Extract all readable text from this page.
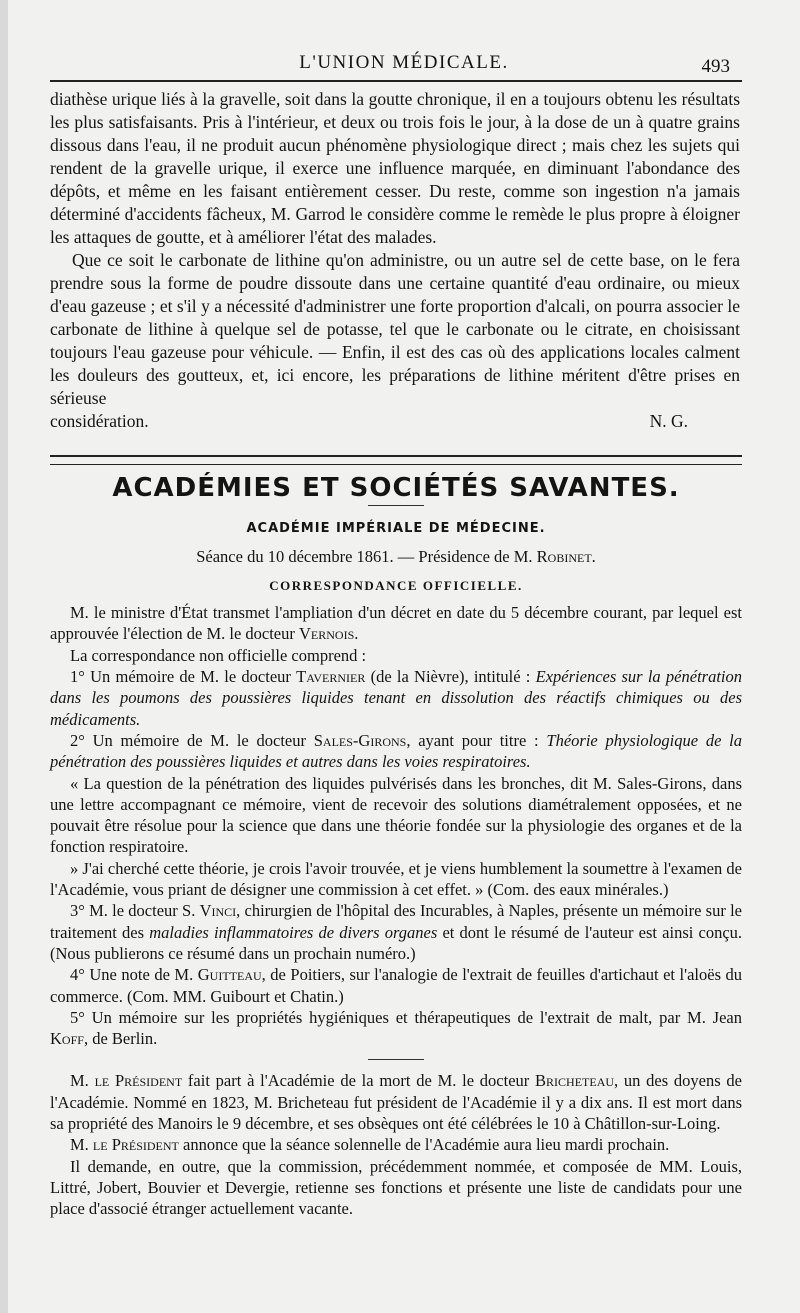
L'UNION MÉDICALE.	493

diathèse urique liés à la gravelle, soit dans la goutte chronique, il en a toujours obtenu les résultats les plus satisfaisants. Pris à l'intérieur, et deux ou trois fois le jour, à la dose de un à quatre grains dissous dans l'eau, il ne produit aucun phénomène physiologique direct ; mais chez les sujets qui rendent de la gravelle urique, il exerce une influence marquée, en diminuant l'abondance des dépôts, et même en les faisant entièrement cesser. Du reste, comme son ingestion n'a jamais déterminé d'accidents fâcheux, M. Garrod le considère comme le remède le plus propre à éloigner les attaques de goutte, et à améliorer l'état des malades.

Que ce soit le carbonate de lithine qu'on administre, ou un autre sel de cette base, on le fera prendre sous la forme de poudre dissoute dans une certaine quantité d'eau ordinaire, ou mieux d'eau gazeuse ; et s'il y a nécessité d'administrer une forte proportion d'alcali, on pourra associer le carbonate de lithine à quelque sel de potasse, tel que le carbonate ou le citrate, en choisissant toujours l'eau gazeuse pour véhicule. — Enfin, il est des cas où des applications locales calment les douleurs des goutteux, et, ici encore, les préparations de lithine méritent d'être prises en sérieuse

considération.	N. G.
ACADÉMIES ET SOCIÉTÉS SAVANTES.
ACADÉMIE IMPÉRIALE DE MÉDECINE.
Séance du 10 décembre 1861. — Présidence de M. Robinet.
CORRESPONDANCE OFFICIELLE.

M. le ministre d'État transmet l'ampliation d'un décret en date du 5 décembre courant, par lequel est approuvée l'élection de M. le docteur Vernois.

La correspondance non officielle comprend :

1° Un mémoire de M. le docteur Tavernier (de la Nièvre), intitulé : Expériences sur la pénétration dans les poumons des poussières liquides tenant en dissolution des réactifs chimiques ou des médicaments.

2° Un mémoire de M. le docteur Sales-Girons, ayant pour titre : Théorie physiologique de la pénétration des poussières liquides et autres dans les voies respiratoires.

« La question de la pénétration des liquides pulvérisés dans les bronches, dit M. Sales-Girons, dans une lettre accompagnant ce mémoire, vient de recevoir des solutions diamétralement opposées, et ne pouvait être résolue pour la science que dans une théorie fondée sur la physiologie des organes et de la fonction respiratoire.

» J'ai cherché cette théorie, je crois l'avoir trouvée, et je viens humblement la soumettre à l'examen de l'Académie, vous priant de désigner une commission à cet effet. » (Com. des eaux minérales.)

3° M. le docteur S. Vinci, chirurgien de l'hôpital des Incurables, à Naples, présente un mémoire sur le traitement des maladies inflammatoires de divers organes et dont le résumé de l'auteur est ainsi conçu. (Nous publierons ce résumé dans un prochain numéro.)

4° Une note de M. Guitteau, de Poitiers, sur l'analogie de l'extrait de feuilles d'artichaut et l'aloës du commerce. (Com. MM. Guibourt et Chatin.)

5° Un mémoire sur les propriétés hygiéniques et thérapeutiques de l'extrait de malt, par M. Jean Koff, de Berlin.

M. le Président fait part à l'Académie de la mort de M. le docteur Bricheteau, un des doyens de l'Académie. Nommé en 1823, M. Bricheteau fut président de l'Académie il y a dix ans. Il est mort dans sa propriété des Manoirs le 9 décembre, et ses obsèques ont été célébrées le 10 à Châtillon-sur-Loing.

M. le Président annonce que la séance solennelle de l'Académie aura lieu mardi prochain.

Il demande, en outre, que la commission, précédemment nommée, et composée de MM. Louis, Littré, Jobert, Bouvier et Devergie, retienne ses fonctions et présente une liste de candidats pour une place d'associé étranger actuellement vacante.
